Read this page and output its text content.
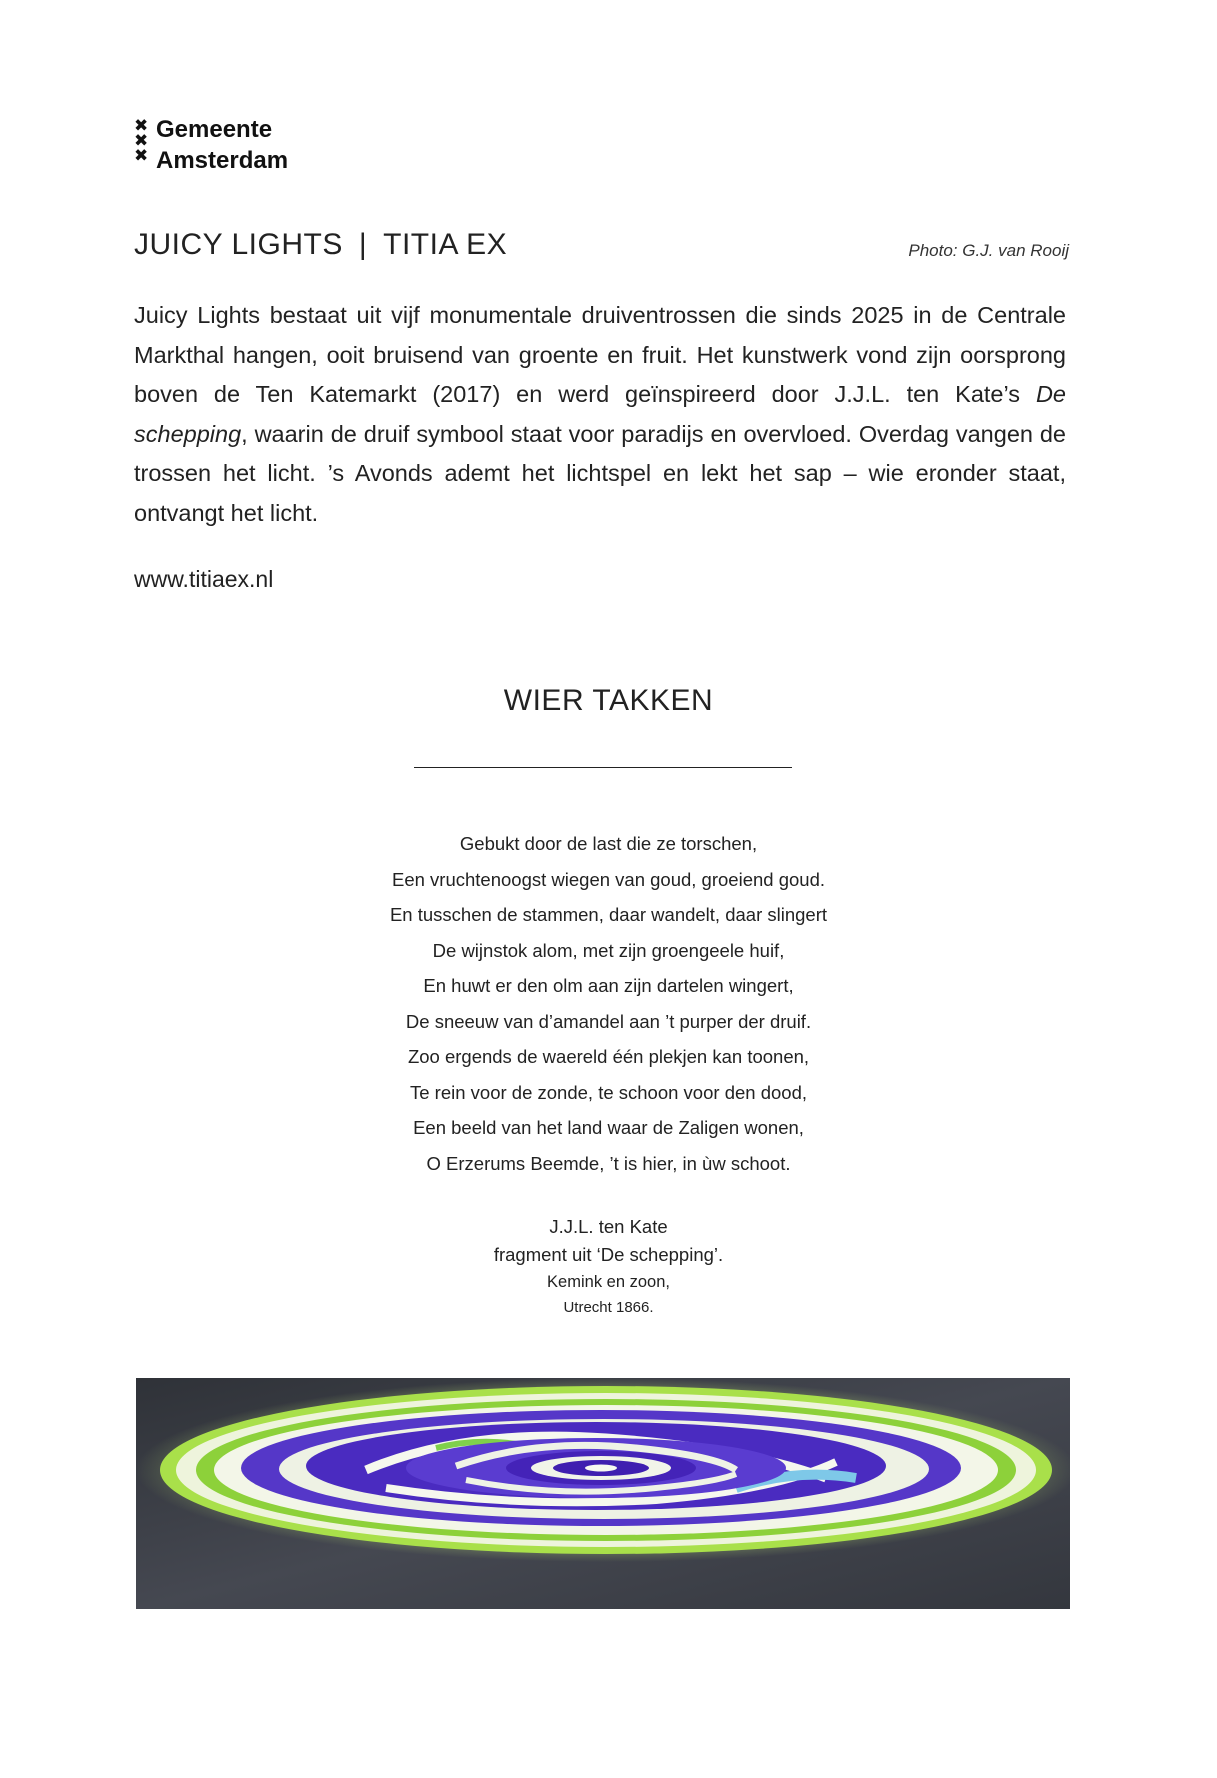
✖
✖
✖
Gemeente
Amsterdam
JUICY LIGHTS | TITIA EX	Photo: G.J. van Rooij

Juicy Lights bestaat uit vijf monumentale druiventrossen die sinds 2025 in de Centrale Markthal hangen, ooit bruisend van groente en fruit. Het kunstwerk vond zijn oorsprong boven de Ten Katemarkt (2017) en werd geïnspireerd door J.J.L. ten Kate’s De schepping, waarin de druif symbool staat voor paradijs en overvloed. Overdag vangen de trossen het licht. ’s Avonds ademt het lichtspel en lekt het sap – wie eronder staat, ontvangt het licht.

www.titiaex.nl
WIER TAKKEN
Gebukt door de last die ze torschen,
Een vruchtenoogst wiegen van goud, groeiend goud.
En tusschen de stammen, daar wandelt, daar slingert
De wijnstok alom, met zijn groengeele huif,
En huwt er den olm aan zijn dartelen wingert,
De sneeuw van d’amandel aan ’t purper der druif.
Zoo ergends de waereld één plekjen kan toonen,
Te rein voor de zonde, te schoon voor den dood,
Een beeld van het land waar de Zaligen wonen,
O Erzerums Beemde, ’t is hier, in ùw schoot.
J.J.L. ten Kate
fragment uit ‘De schepping’.
Kemink en zoon,
Utrecht 1866.
